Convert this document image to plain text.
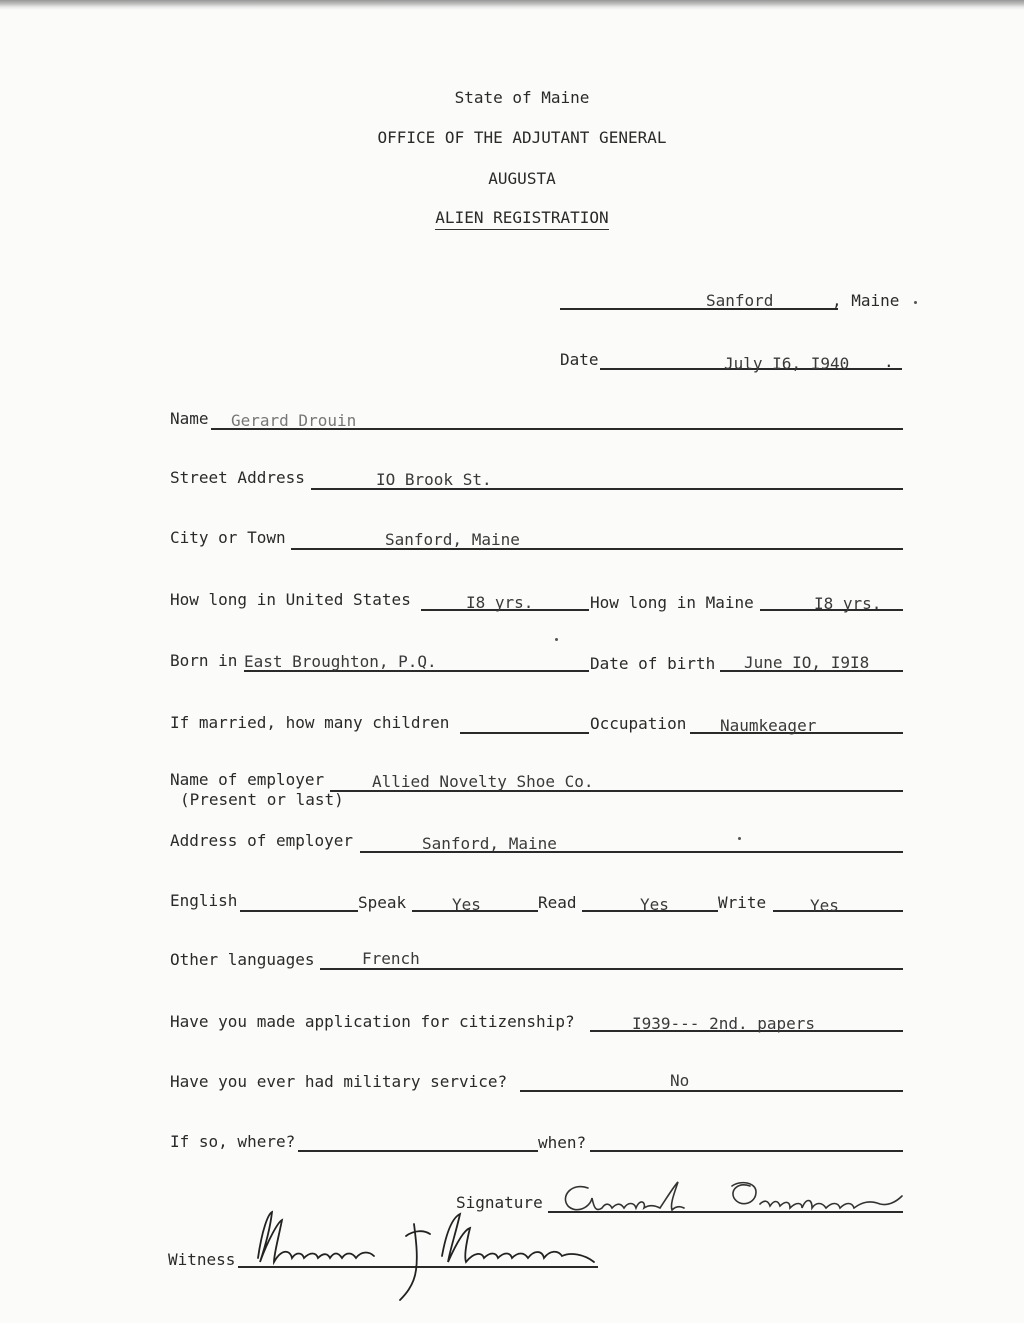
State of Maine
OFFICE OF THE ADJUTANT GENERAL
AUGUSTA
ALIEN REGISTRATION
Sanford	, Maine
Date	July I6, I940 .
Name Gerard Drouin
Street Address	IO Brook St.
City or Town	Sanford, Maine
How long in United States	I8 yrs.	How long in Maine	I8 yrs.
Born in East Broughton, P.Q.	Date of birth June IO, I9I8
If married, how many children	Occupation Naumkeager
Name of employer
(Present or last)
Allied Novelty Shoe Co.
Address of employer	Sanford, Maine
English	Speak	Yes	Read	Yes	Write	Yes
Other languages	French
Have you made application for citizenship?	I939--- 2nd. papers
Have you ever had military service?	No
If so, where?	when?
Signature
Gerard Drouin
Witness
Maurice J. Maurice
